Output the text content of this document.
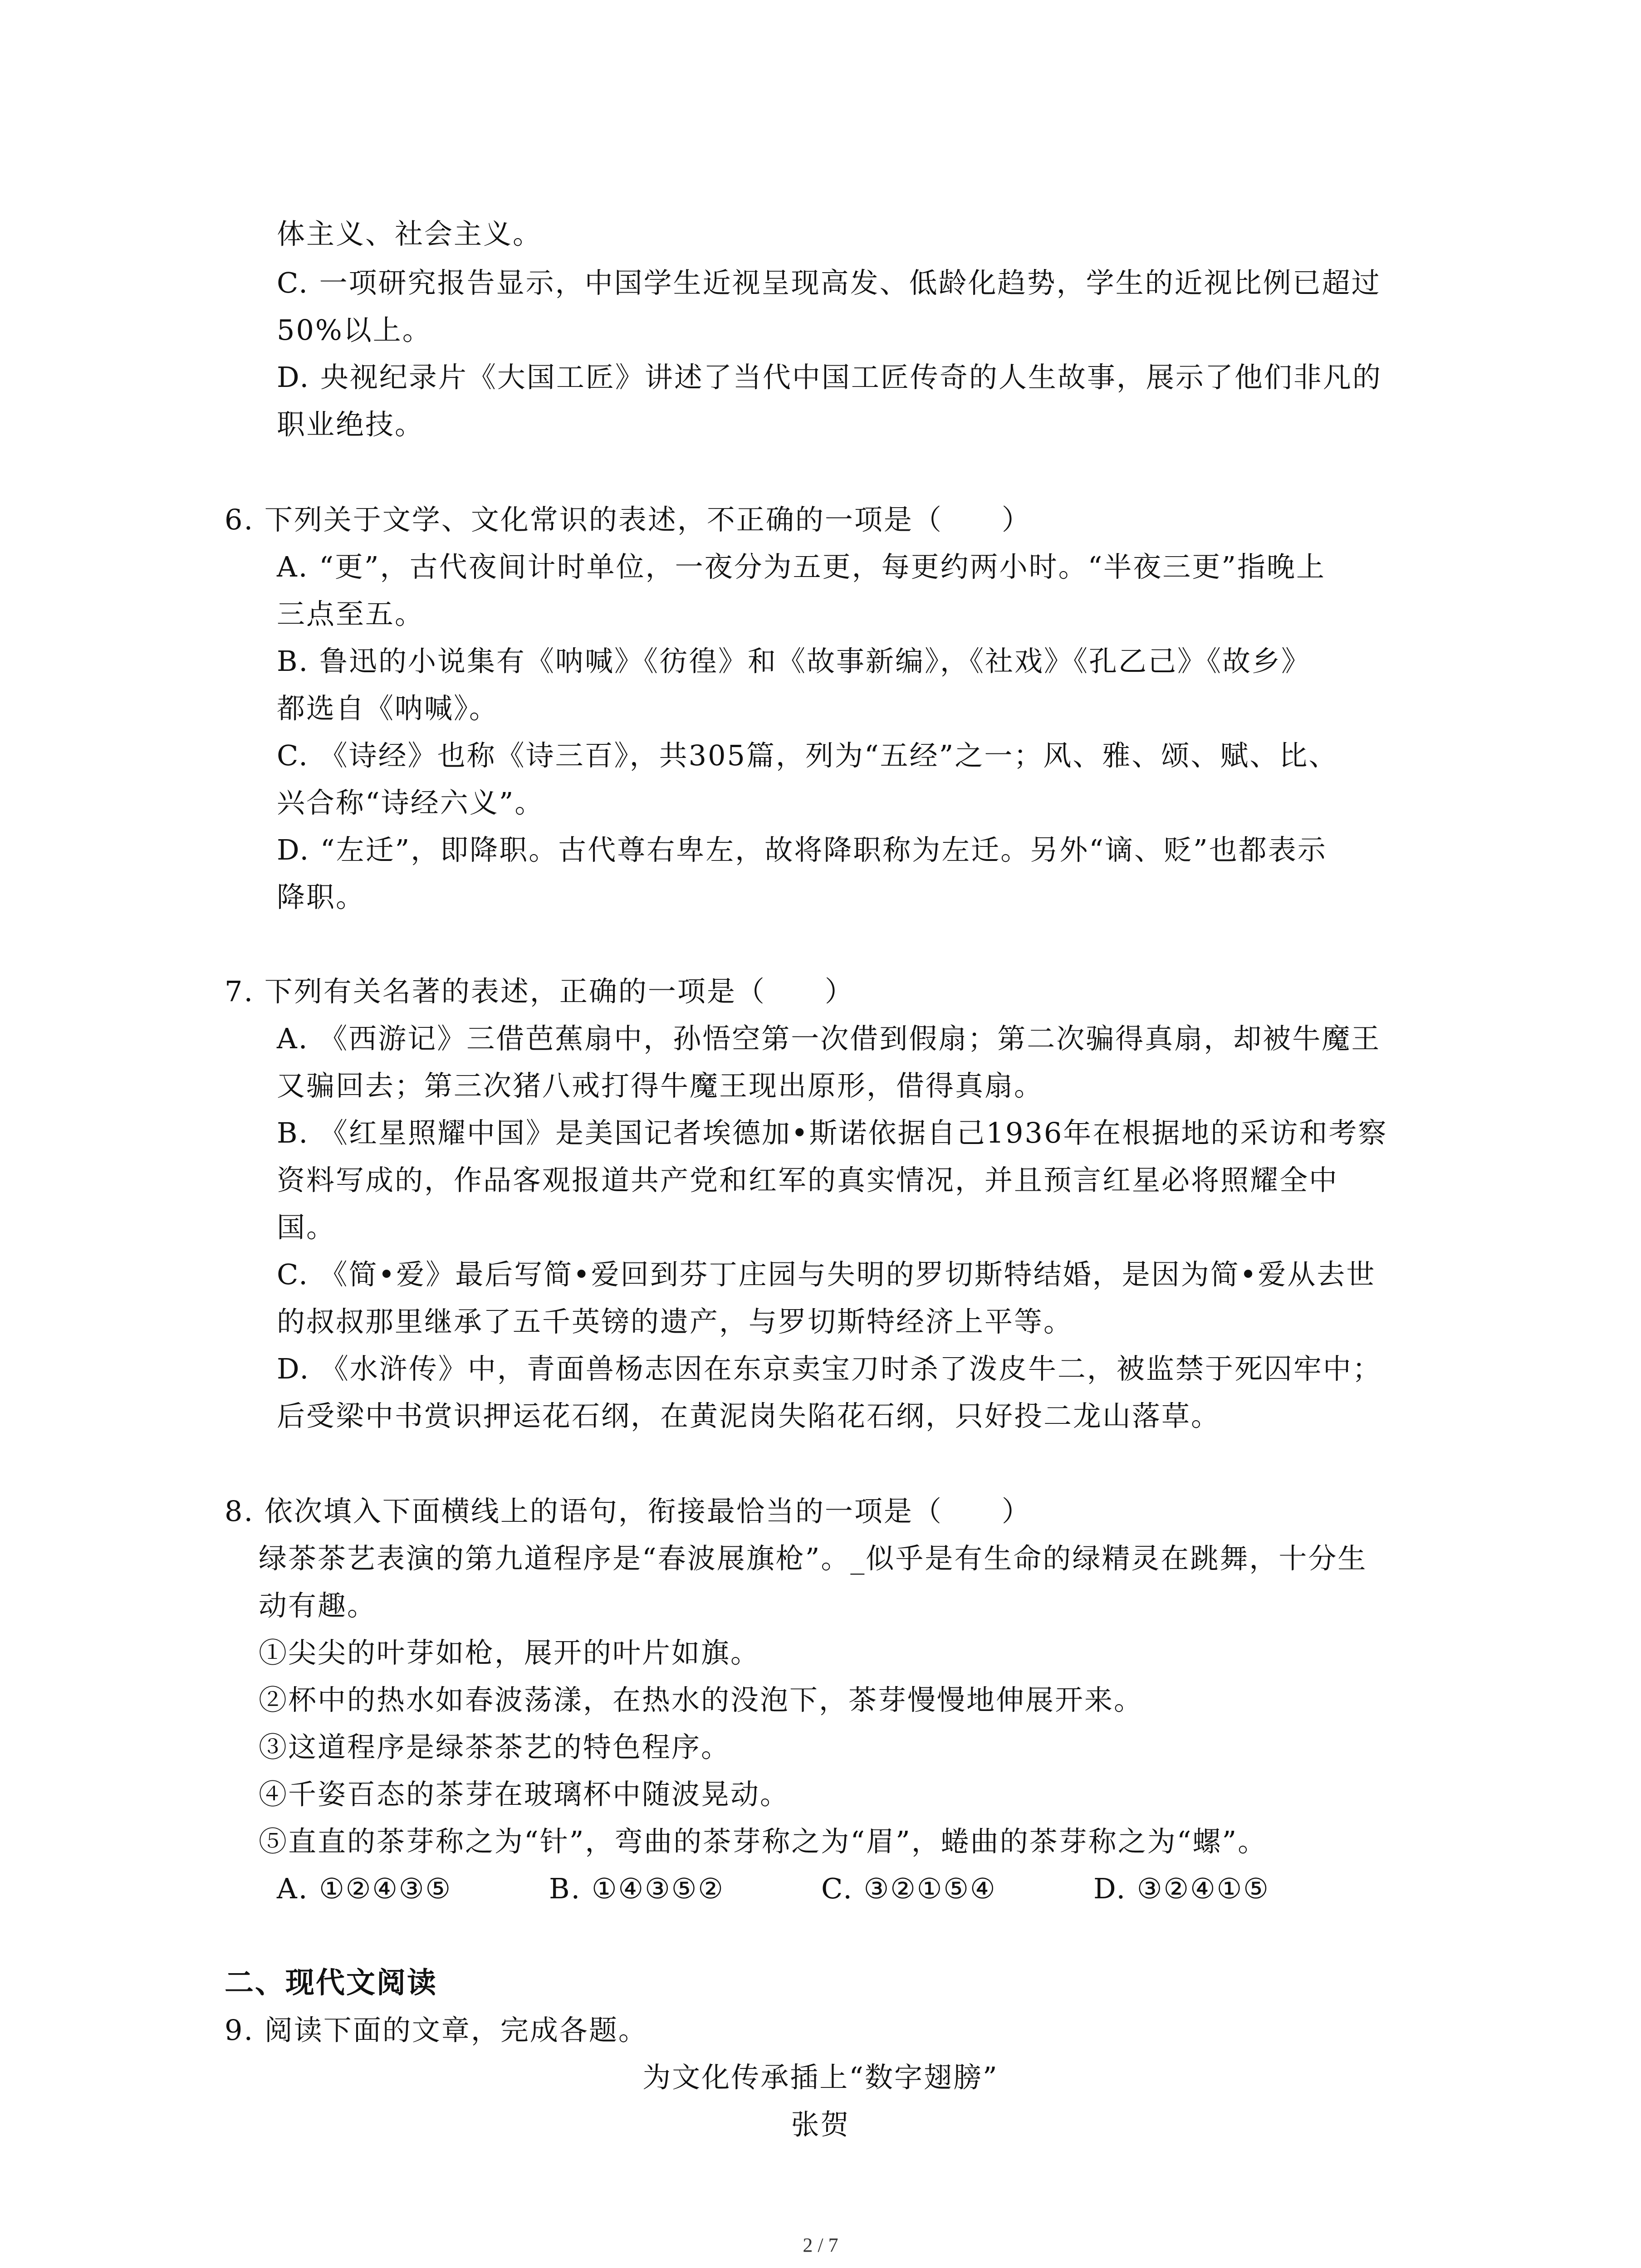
体主义、社会主义。
C. 一项研究报告显示，中国学生近视呈现高发、低龄化趋势，学生的近视比例已超过
50%以上。
D. 央视纪录片《大国工匠》讲述了当代中国工匠传奇的人生故事，展示了他们非凡的
职业绝技。
6. 下列关于文学、文化常识的表述，不正确的一项是（　　）
A. “更”，古代夜间计时单位，一夜分为五更，每更约两小时。“半夜三更”指晚上
三点至五。
B. 鲁迅的小说集有《呐喊》《彷徨》和《故事新编》，《社戏》《孔乙己》《故乡》
都选自《呐喊》。
C. 《诗经》也称《诗三百》，共305篇，列为“五经”之一；风、雅、颂、赋、比、
兴合称“诗经六义”。
D. “左迁”，即降职。古代尊右卑左，故将降职称为左迁。另外“谪、贬”也都表示
降职。
7. 下列有关名著的表述，正确的一项是（　　）
A. 《西游记》三借芭蕉扇中，孙悟空第一次借到假扇；第二次骗得真扇，却被牛魔王
又骗回去；第三次猪八戒打得牛魔王现出原形，借得真扇。
B. 《红星照耀中国》是美国记者埃德加•斯诺依据自己1936年在根据地的采访和考察
资料写成的，作品客观报道共产党和红军的真实情况，并且预言红星必将照耀全中
国。
C. 《简•爱》最后写简•爱回到芬丁庄园与失明的罗切斯特结婚，是因为简•爱从去世
的叔叔那里继承了五千英镑的遗产，与罗切斯特经济上平等。
D. 《水浒传》中，青面兽杨志因在东京卖宝刀时杀了泼皮牛二，被监禁于死囚牢中；
后受梁中书赏识押运花石纲，在黄泥岗失陷花石纲，只好投二龙山落草。
8. 依次填入下面横线上的语句，衔接最恰当的一项是（　　）
绿茶茶艺表演的第九道程序是“春波展旗枪”。_似乎是有生命的绿精灵在跳舞，十分生
动有趣。
①尖尖的叶芽如枪，展开的叶片如旗。
②杯中的热水如春波荡漾，在热水的没泡下，茶芽慢慢地伸展开来。
③这道程序是绿茶茶艺的特色程序。
④千姿百态的茶芽在玻璃杯中随波晃动。
⑤直直的茶芽称之为“针”，弯曲的茶芽称之为“眉”，蜷曲的茶芽称之为“螺”。
A. ①②④③⑤	B. ①④③⑤②	C. ③②①⑤④	D. ③②④①⑤
二、现代文阅读
9. 阅读下面的文章，完成各题。
为文化传承插上“数字翅膀”
张贺
2 / 7
